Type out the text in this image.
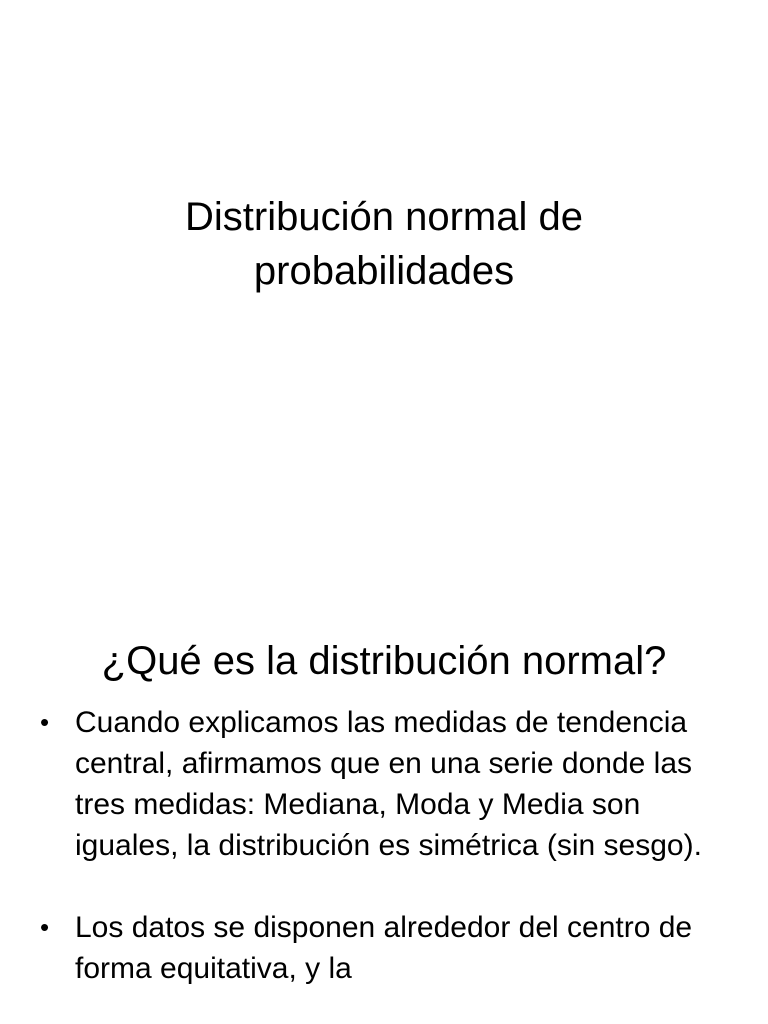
Distribución normal de
probabilidades
¿Qué es la distribución normal?
• Cuando explicamos las medidas de tendencia central, afirmamos que en una serie donde las tres medidas: Mediana, Moda y Media son iguales, la distribución es simétrica (sin sesgo).
• Los datos se disponen alrededor del centro de forma equitativa, y la
